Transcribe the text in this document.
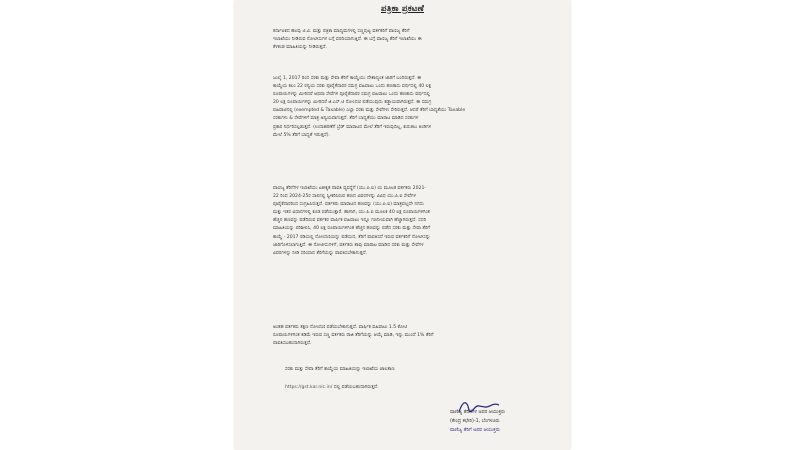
ಪತ್ರಿಕಾ ಪ್ರಕಟಣೆ
ಕರ್ನಾಟಕದ ಹಲವು ಟಿ.ವಿ. ಮತ್ತು ಪತ್ರಿಕಾ ಮಾಧ್ಯಮಗಳಲ್ಲಿ ಸಣ್ಣಪುಟ್ಟ ವರ್ತಕರಿಗೆ ವಾಣಿಜ್ಯ ತೆರಿಗೆ
ಇಲಾಖೆಯು ನೀಡಿರುವ ನೋಟೀಸುಗಳ ಬಗ್ಗೆ ವರದಿಯಾಗುತ್ತಿದೆ. ಈ ಬಗ್ಗೆ ವಾಣಿಜ್ಯ ತೆರಿಗೆ ಇಲಾಖೆಯು ಈ
ಕೆಳಕಂಡ ಮಾಹಿತಿಯನ್ನು ನೀಡಿರುತ್ತದೆ.
ಜುಲೈ 1, 2017 ರಿಂದ ಸರಕು ಮತ್ತು ಸೇವಾ ತೆರಿಗೆ ಕಾಯ್ದೆಯು ದೇಶಾದ್ಯಂತ ಜಾರಿಗೆ ಬಂದಿರುತ್ತದೆ. ಈ
ಕಾಯ್ದೆಯ ಕಲಂ 22 ರನ್ವಯ ಸರಕು ಪೂರೈಕೆದಾರರ ಸಮಗ್ರ ವಹಿವಾಟು ಒಂದು ಹಣಕಾಸು ವರ್ಷದಲ್ಲಿ 40 ಲಕ್ಷ
ರೂಪಾಯಿಗಳನ್ನು ಮೀರಿದರೆ ಅಥವಾ ಸೇವೆಗಳ ಪೂರೈಕೆದಾರರ ಸಮಗ್ರ ವಹಿವಾಟು ಒಂದು ಹಣಕಾಸು ವರ್ಷದಲ್ಲಿ
20 ಲಕ್ಷ ರೂಪಾಯಿಗಳನ್ನು ಮೀರಿದರೆ ಜಿ.ಎಸ್.ಟಿ ನೋಂದಣಿ ಪಡೆಯುವುದು ಕಡ್ಡಾಯವಾಗಿರುತ್ತದೆ. ಈ ಸಮಗ್ರ
ವಹಿವಾಟಿನಲ್ಲಿ (exempted & Taxable) ಎಲ್ಲಾ ಸರಕು ಮತ್ತು ಸೇವೆಗಳು ಸೇರಿರುತ್ತದೆ. ಆದರೆ ತೆರಿಗೆ ಬಾಧ್ಯತೆಯು Taxable
ಸರಕುಗಳು & ಸೇವೆಗಳಿಗೆ ಮಾತ್ರ ಅನ್ವಯವಾಗುತ್ತದೆ. ತೆರಿಗೆ ಬಾಧ್ಯತೆಯು ಮಾರಾಟ ಮಾಡಿದ ಸರಕುಗಳ
ಪ್ರಕಾರ ನಿರ್ಧರಿಸಲ್ಪಡುತ್ತದೆ. (ಉದಾಹರಣೆಗೆ ಬ್ರೆಡ್ ಮಾರಾಟದ ಮೇಲೆ ತೆರಿಗೆ ಇರುವುದಿಲ್ಲ, ಕುರುಕಲು ತಿಂಡಿಗಳ
ಮೇಲೆ 5% ತೆರಿಗೆ ಬಾಧ್ಯತೆ ಇರುತ್ತದೆ).
ವಾಣಿಜ್ಯ ತೆರಿಗೆಗಳ ಇಲಾಖೆಯು ಏಕೀಕೃತ ಪಾವತಿ ವ್ಯವಸ್ಥೆಗೆ (ಯು.ಪಿ.ಐ) ಯ ಮೂಲಕ ವರ್ತಕರು 2021-
22 ರಿಂದ 2024-25ರ ಸಾಲಿನಲ್ಲಿ ಸ್ವೀಕರಿಸಿರುವ ಹಣದ ವಿವರಗಳನ್ನು ವಿವಿಧ ಯು.ಪಿ.ಐ ಸೇವೆಗಳ
ಪೂರೈಕೆದಾರರಿಂದ ಸಂಗ್ರಹಿಸಿರುತ್ತದೆ. ವರ್ತಕರು ಮಾರಾಟದ ಹಣವನ್ನು (ಯು.ಪಿ.ಐ) ಮಾತ್ರವಲ್ಲದೇ ನಗದು
ಮತ್ತು ಇತರ ವಿಧಾನಗಳಲ್ಲಿ ಕೂಡ ಪಡೆಯುತ್ತಾರೆ. ಹಾಗಾಗಿ, ಯು.ಪಿ.ಐ ಮೂಲಕ 40 ಲಕ್ಷ ರೂಪಾಯಿಗಳಿಗಿಂತ
ಹೆಚ್ಚಿನ ಹಣವನ್ನು ಪಡೆದಿರುವ ವರ್ತಕರ ವಾರ್ಷಿಕ ವಹಿವಾಟು ಇನ್ನೂ ಗಣನೀಯವಾಗಿ ಹೆಚ್ಚಾಗಿರುತ್ತದೆ. ಸದರಿ
ಮಾಹಿತಿಯನ್ನು ಪರಿಶೀಲಿಸಿ, 40 ಲಕ್ಷ ರೂಪಾಯಿಗಳಿಗಿಂತ ಹೆಚ್ಚಿನ ಹಣವನ್ನು ಪಡೆದ ಸರಕು ಮತ್ತು ಸೇವಾ ತೆರಿಗೆ
ಕಾಯ್ದೆ - 2017 ರಡಿಯಲ್ಲಿ ನೋಂದಣಿಯನ್ನು ಪಡೆಯದ, ತೆರಿಗೆ ಪಾವತಿಸದೆ ಇರುವ ವರ್ತಕರಿಗೆ ನೋಟೀಸನ್ನು
ಜಾರಿಗೊಳಿಸಲಾಗುತ್ತಿದೆ. ಈ ನೋಟೀಸುಗಳಿಗೆ, ವರ್ತಕರು ತಾವು ಮಾರಾಟ ಮಾಡಿದ ಸರಕು ಮತ್ತು ಸೇವೆಗಳ
ವಿವರಗಳನ್ನು ನೀಡಿ ಸರಿಯಾದ ತೆರಿಗೆಯನ್ನು ಪಾವತಿಸಬೇಕಾಗುತ್ತದೆ.
ಅಂತಹ ವರ್ತಕರು ತಕ್ಷಣ ನೋಂದಣಿ ಪಡೆಯಬೇಕಾಗುತ್ತದೆ. ವಾರ್ಷಿಕ ವಹಿವಾಟು 1.5 ಕೋಟಿ
ರೂಪಾಯಿಗಳಿಗಿಂತ ಕಡಿಮೆ ಇರುವ ಸಣ್ಣ ವರ್ತಕರು ರಾಜಿ ತೆರಿಗೆಯನ್ನು ಆಯ್ಕೆ ಮಾಡಿ, ಇನ್ನು ಮುಂದೆ 1% ತೆರಿಗೆ
ಪಾವತಿಸಬಹುದಾಗಿರುತ್ತದೆ.
ಸರಕು ಮತ್ತು ಸೇವಾ ತೆರಿಗೆ ಕಾಯ್ದೆಯ ಮಾಹಿತಿಯನ್ನು ಇಲಾಖೆಯ ಜಾಲತಾಣ
https://gst.kar.nic.in/ ದಲ್ಲಿ ಪಡೆಯಬಹುದಾಗಿರುತ್ತದೆ.
ವಾಣಿಜ್ಯ ತೆರಿಗೆಗಳ ಅಪರ ಆಯುಕ್ತರು
(ಕೇಂದ್ರ ಕಛೇರಿ)-1, ಬೆಂಗಳೂರು
ವಾಣಿಜ್ಯ ತೆರಿಗೆ ಅಪರ ಆಯುಕ್ತರು
